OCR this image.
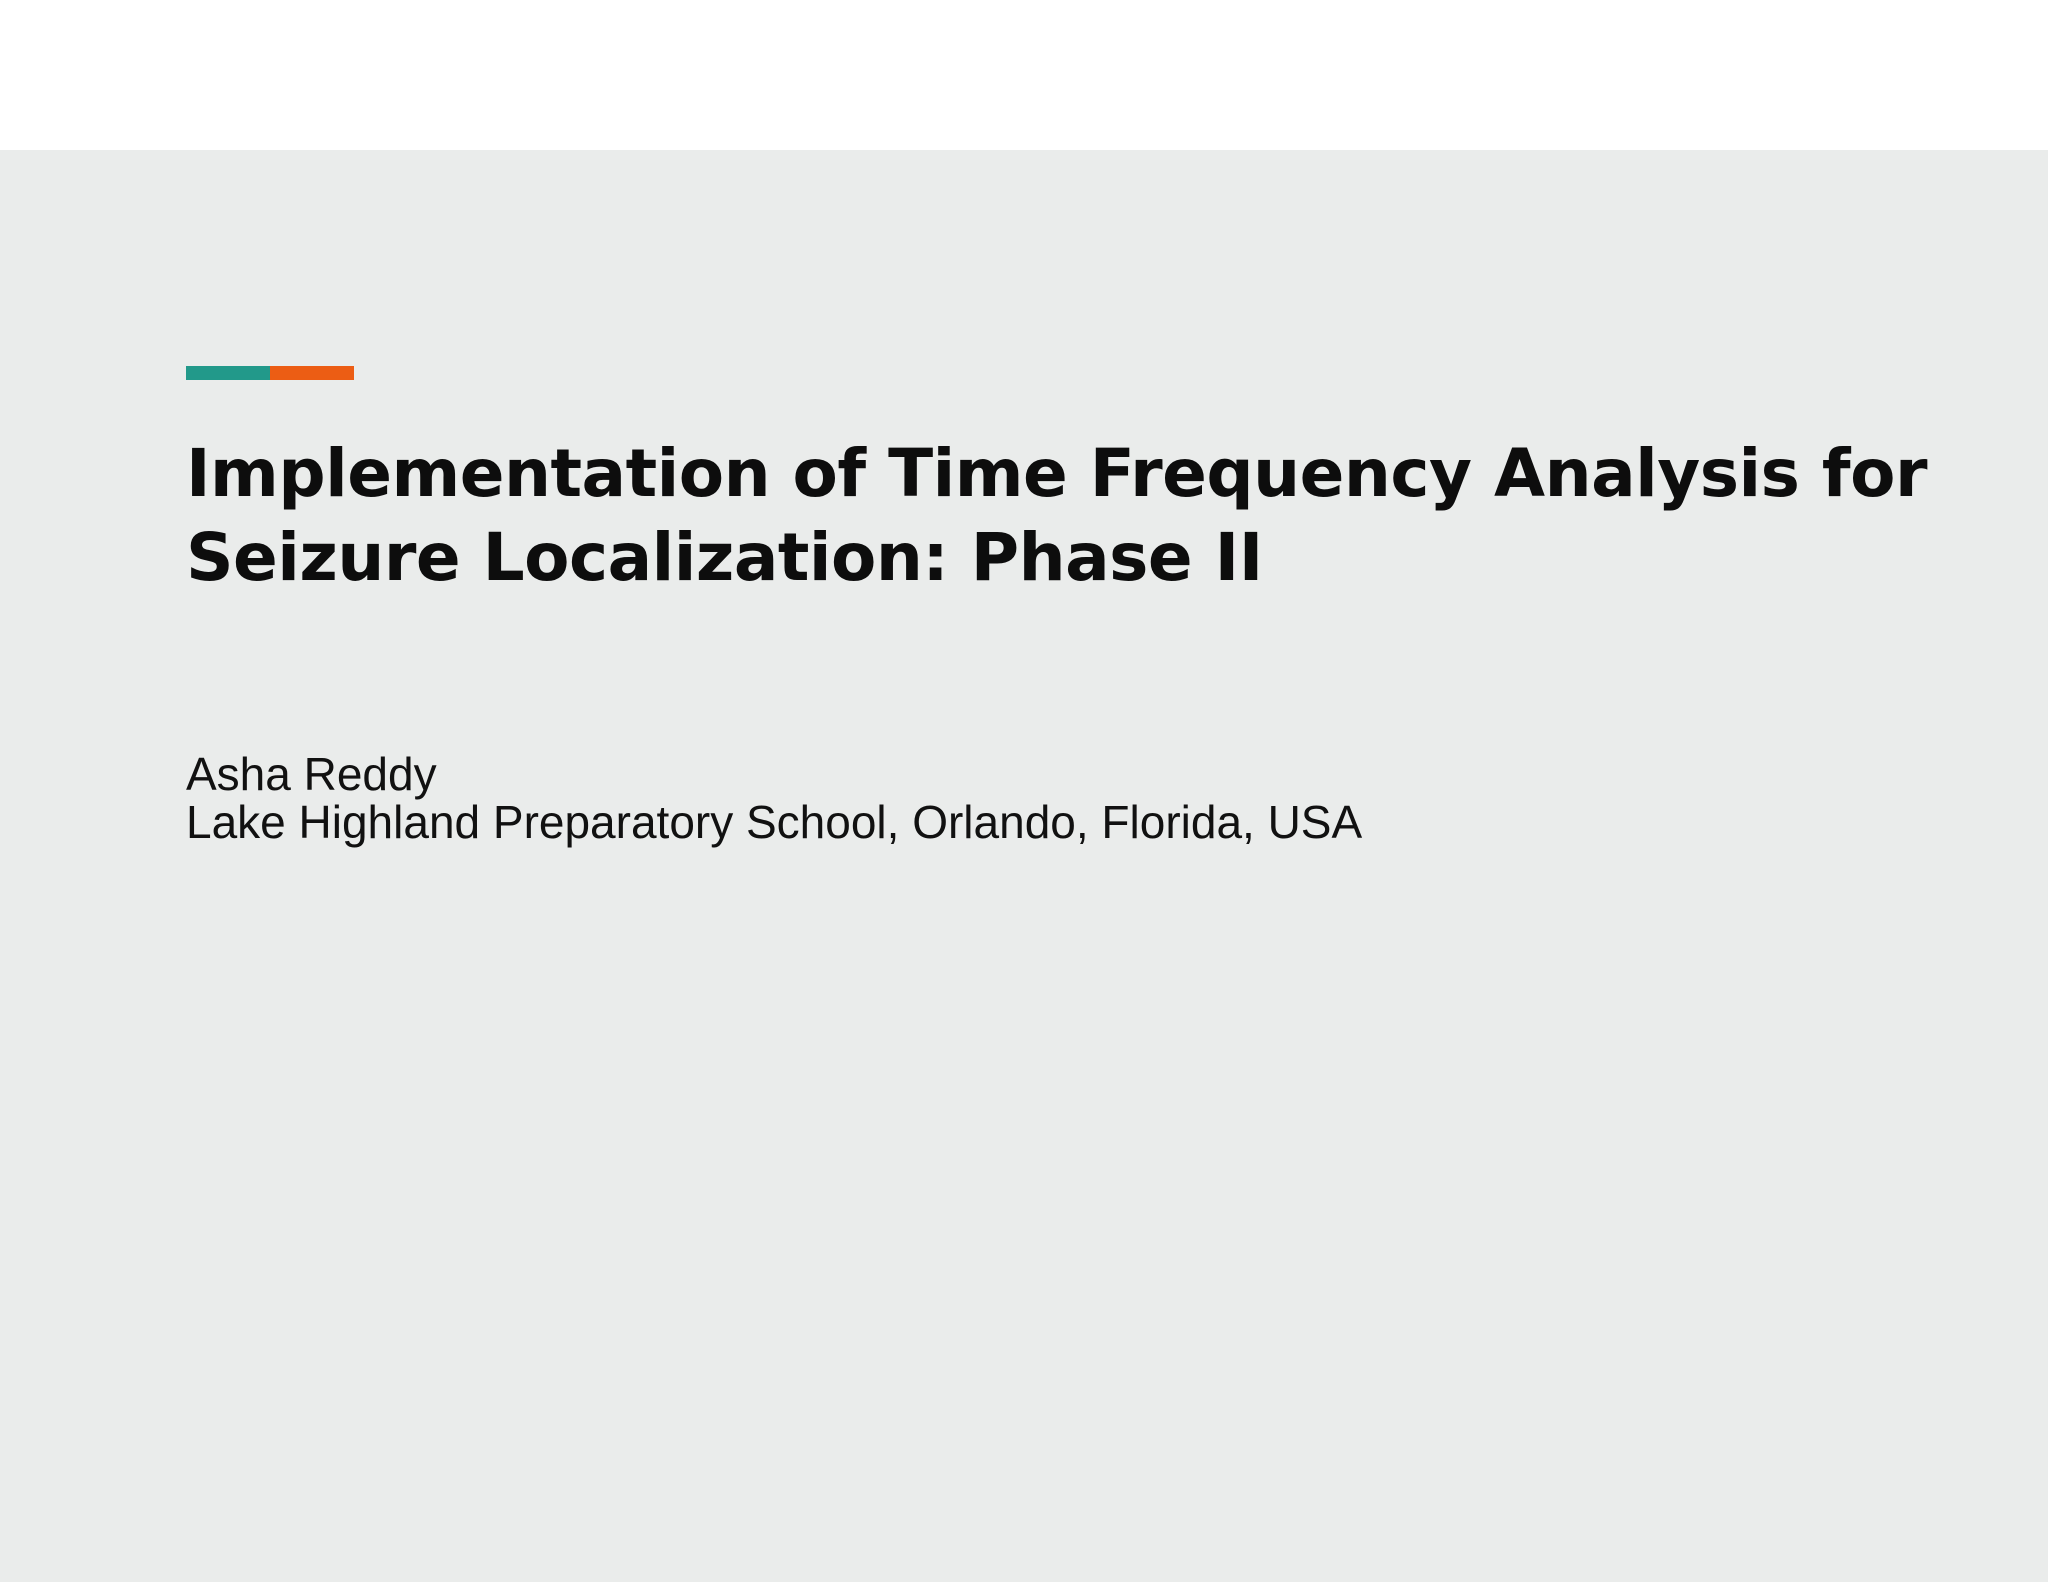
Implementation of Time Frequency Analysis for
Seizure Localization: Phase II
Asha Reddy
Lake Highland Preparatory School, Orlando, Florida, USA
